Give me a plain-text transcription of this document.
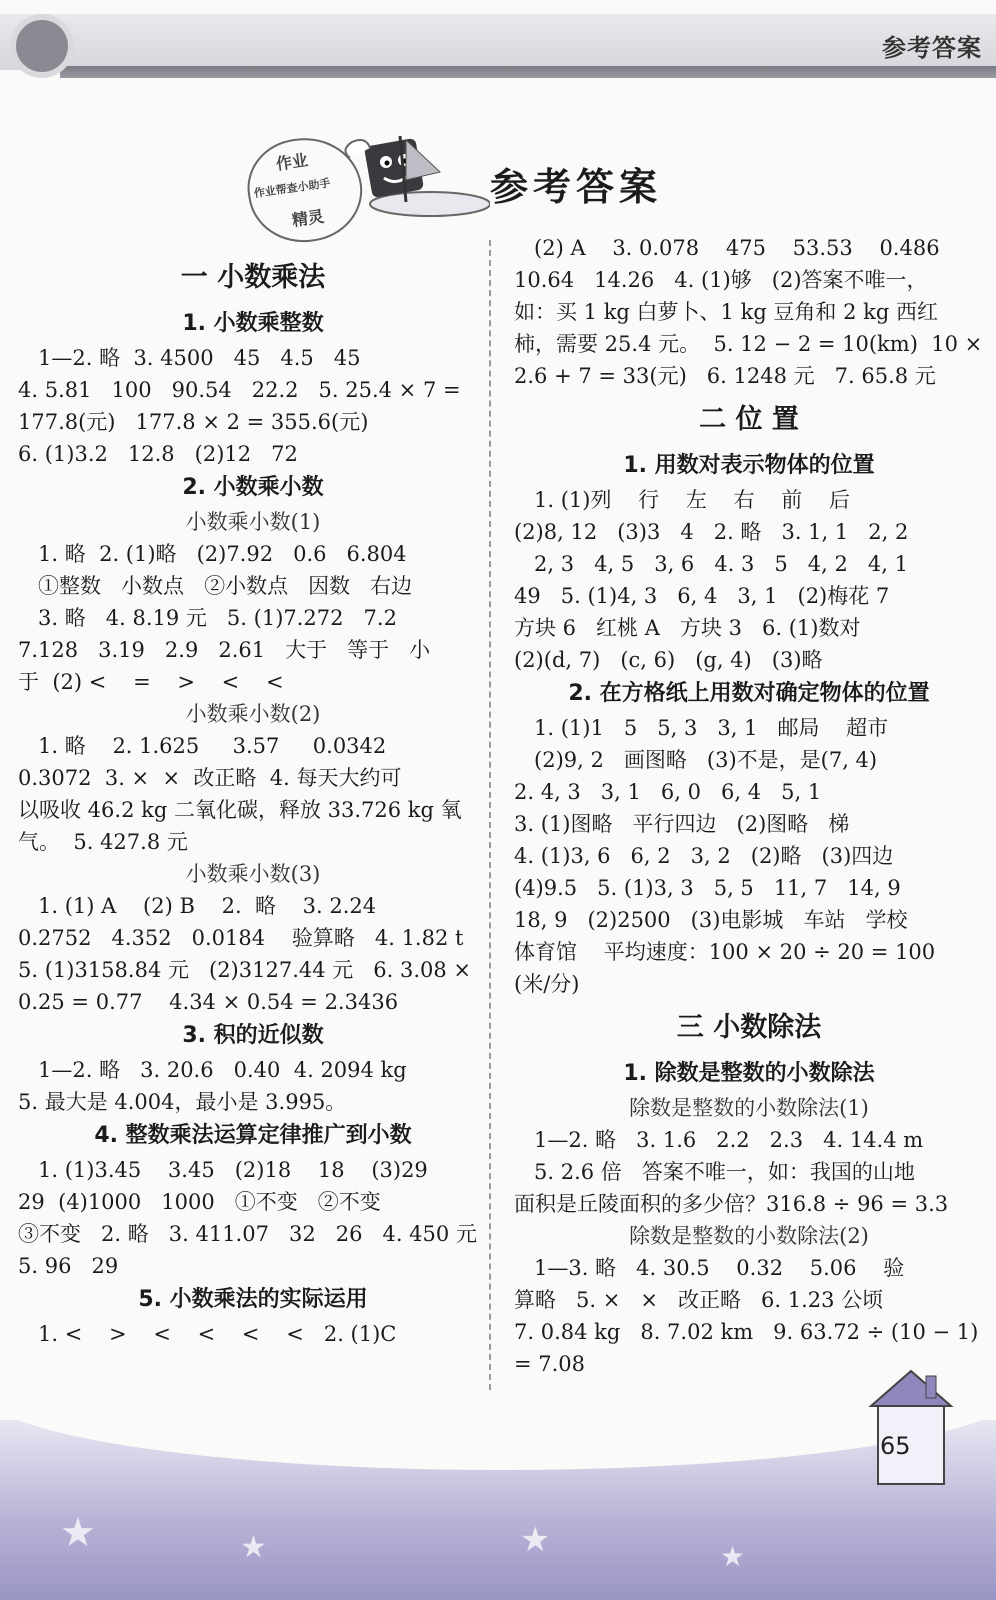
参考答案
作业
作业帮查小助手
精灵
参考答案
一 小数乘法
1. 小数乘整数
1—2. 略  3. 4500   45   4.5   45
4. 5.81   100   90.54   22.2   5. 25.4 × 7 =
177.8(元)   177.8 × 2 = 355.6(元)
6. (1)3.2   12.8   (2)12   72
2. 小数乘小数
小数乘小数(1)
1. 略  2. (1)略   (2)7.92   0.6   6.804
①整数   小数点   ②小数点   因数   右边
3. 略   4. 8.19 元   5. (1)7.272   7.2
7.128   3.19   2.9   2.61   大于   等于   小
于  (2) <    =    >    <    <
小数乘小数(2)
1. 略    2. 1.625     3.57     0.0342
0.3072  3. ×  ×  改正略  4. 每天大约可
以吸收 46.2 kg 二氧化碳，释放 33.726 kg 氧
气。  5. 427.8 元
小数乘小数(3)
1. (1) A    (2) B    2.  略    3. 2.24
0.2752   4.352   0.0184    验算略   4. 1.82 t
5. (1)3158.84 元   (2)3127.44 元   6. 3.08 ×
0.25 = 0.77    4.34 × 0.54 = 2.3436
3. 积的近似数
1—2. 略   3. 20.6   0.40  4. 2094 kg
5. 最大是 4.004，最小是 3.995。
4. 整数乘法运算定律推广到小数
1. (1)3.45    3.45   (2)18    18    (3)29
29  (4)1000   1000   ①不变   ②不变
③不变   2. 略   3. 411.07   32   26   4. 450 元
5. 96   29
5. 小数乘法的实际运用
1. <    >    <    <    <    <   2. (1)C
(2) A    3. 0.078    475    53.53    0.486
10.64   14.26   4. (1)够   (2)答案不唯一，
如：买 1 kg 白萝卜、1 kg 豆角和 2 kg 西红
柿，需要 25.4 元。  5. 12 − 2 = 10(km)  10 ×
2.6 + 7 = 33(元)   6. 1248 元   7. 65.8 元
二 位 置
1. 用数对表示物体的位置
1. (1)列    行    左    右    前    后
(2)8, 12   (3)3   4   2. 略   3. 1, 1   2, 2
2, 3   4, 5   3, 6   4. 3   5   4, 2   4, 1
49   5. (1)4, 3   6, 4   3, 1   (2)梅花 7
方块 6   红桃 A   方块 3   6. (1)数对
(2)(d, 7)   (c, 6)   (g, 4)   (3)略
2. 在方格纸上用数对确定物体的位置
1. (1)1   5   5, 3   3, 1   邮局    超市
(2)9, 2   画图略   (3)不是，是(7, 4)
2. 4, 3   3, 1   6, 0   6, 4   5, 1
3. (1)图略   平行四边   (2)图略   梯
4. (1)3, 6   6, 2   3, 2   (2)略   (3)四边
(4)9.5   5. (1)3, 3   5, 5   11, 7   14, 9
18, 9   (2)2500   (3)电影城   车站   学校
体育馆    平均速度：100 × 20 ÷ 20 = 100
(米/分)
三 小数除法
1. 除数是整数的小数除法
除数是整数的小数除法(1)
1—2. 略   3. 1.6   2.2   2.3   4. 14.4 m
5. 2.6 倍   答案不唯一，如：我国的山地
面积是丘陵面积的多少倍？316.8 ÷ 96 = 3.3
除数是整数的小数除法(2)
1—3. 略   4. 30.5    0.32    5.06    验
算略   5. ×   ×   改正略   6. 1.23 公顷
7. 0.84 kg   8. 7.02 km   9. 63.72 ÷ (10 − 1)
= 7.08
★	★	★	★
65
